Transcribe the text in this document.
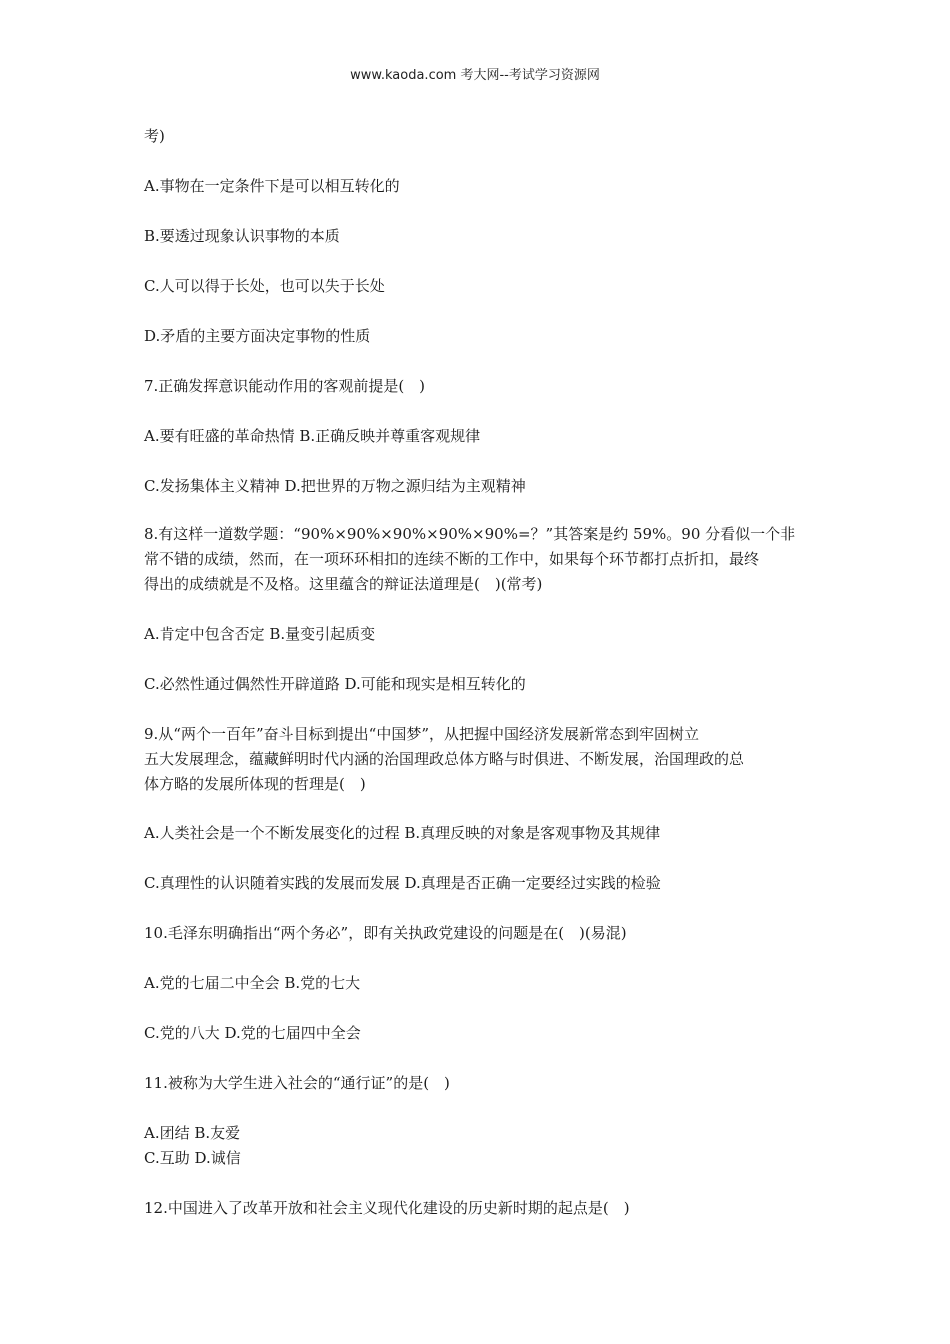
www.kaoda.com 考大网--考试学习资源网
考)
A.事物在一定条件下是可以相互转化的
B.要透过现象认识事物的本质
C.人可以得于长处，也可以失于长处
D.矛盾的主要方面决定事物的性质
7.正确发挥意识能动作用的客观前提是(　)
A.要有旺盛的革命热情 B.正确反映并尊重客观规律
C.发扬集体主义精神 D.把世界的万物之源归结为主观精神
8.有这样一道数学题：“90%×90%×90%×90%×90%=？”其答案是约 59%。90 分看似一个非
常不错的成绩，然而，在一项环环相扣的连续不断的工作中，如果每个环节都打点折扣，最终
得出的成绩就是不及格。这里蕴含的辩证法道理是(　)(常考)
A.肯定中包含否定 B.量变引起质变
C.必然性通过偶然性开辟道路 D.可能和现实是相互转化的
9.从“两个一百年”奋斗目标到提出“中国梦”，从把握中国经济发展新常态到牢固树立
五大发展理念，蕴藏鲜明时代内涵的治国理政总体方略与时俱进、不断发展，治国理政的总
体方略的发展所体现的哲理是(　)
A.人类社会是一个不断发展变化的过程 B.真理反映的对象是客观事物及其规律
C.真理性的认识随着实践的发展而发展 D.真理是否正确一定要经过实践的检验
10.毛泽东明确指出“两个务必”，即有关执政党建设的问题是在(　)(易混)
A.党的七届二中全会 B.党的七大
C.党的八大 D.党的七届四中全会
11.被称为大学生进入社会的“通行证”的是(　)
A.团结 B.友爱
C.互助 D.诚信
12.中国进入了改革开放和社会主义现代化建设的历史新时期的起点是(　)
